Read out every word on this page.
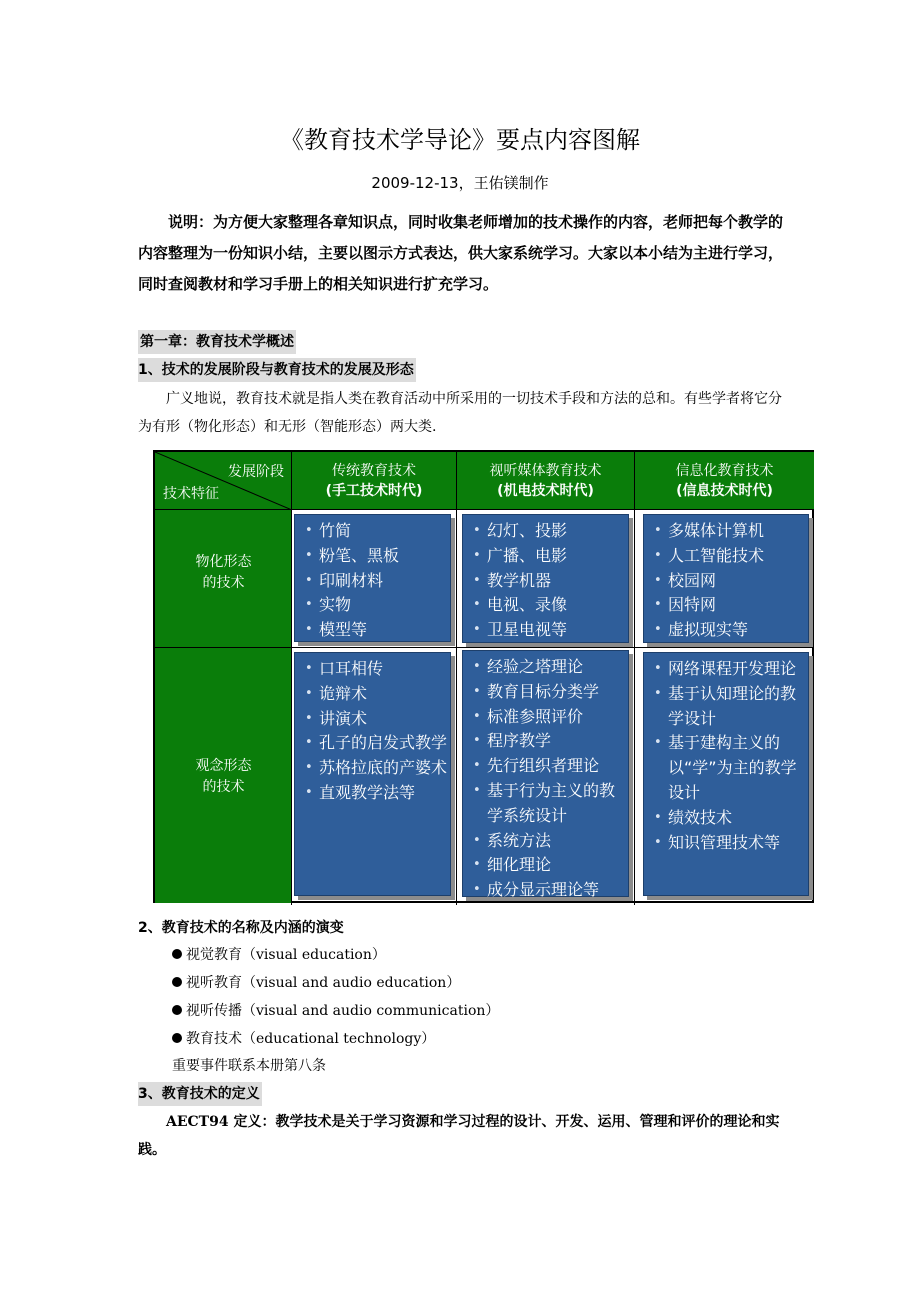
《教育技术学导论》要点内容图解
2009-12-13，王佑镁制作
说明：为方便大家整理各章知识点，同时收集老师增加的技术操作的内容，老师把每个教学的内容整理为一份知识小结，主要以图示方式表达，供大家系统学习。大家以本小结为主进行学习，同时查阅教材和学习手册上的相关知识进行扩充学习。
第一章：教育技术学概述
1、技术的发展阶段与教育技术的发展及形态
广义地说，教育技术就是指人类在教育活动中所采用的一切技术手段和方法的总和。有些学者将它分为有形（物化形态）和无形（智能形态）两大类.
发展阶段
技术特征
传统教育技术
(手工技术时代)
视听媒体教育技术
(机电技术时代)
信息化教育技术
(信息技术时代)
物化形态
的技术
观念形态
的技术
• 竹简
• 粉笔、黑板
• 印刷材料
• 实物
• 模型等
• 幻灯、投影
• 广播、电影
• 教学机器
• 电视、录像
• 卫星电视等
• 多媒体计算机
• 人工智能技术
• 校园网
• 因特网
• 虚拟现实等
• 口耳相传
• 诡辩术
• 讲演术
• 孔子的启发式教学
• 苏格拉底的产婆术
• 直观教学法等
• 经验之塔理论
• 教育目标分类学
• 标准参照评价
• 程序教学
• 先行组织者理论
• 基于行为主义的教学系统设计
• 系统方法
• 细化理论
• 成分显示理论等
• 网络课程开发理论
• 基于认知理论的教学设计
• 基于建构主义的以“学”为主的教学设计
• 绩效技术
• 知识管理技术等
2、教育技术的名称及内涵的演变
视觉教育（visual education）
视听教育（visual and audio education）
视听传播（visual and audio communication）
教育技术（educational technology）
重要事件联系本册第八条
3、教育技术的定义
AECT94 定义：教学技术是关于学习资源和学习过程的设计、开发、运用、管理和评价的理论和实践。
